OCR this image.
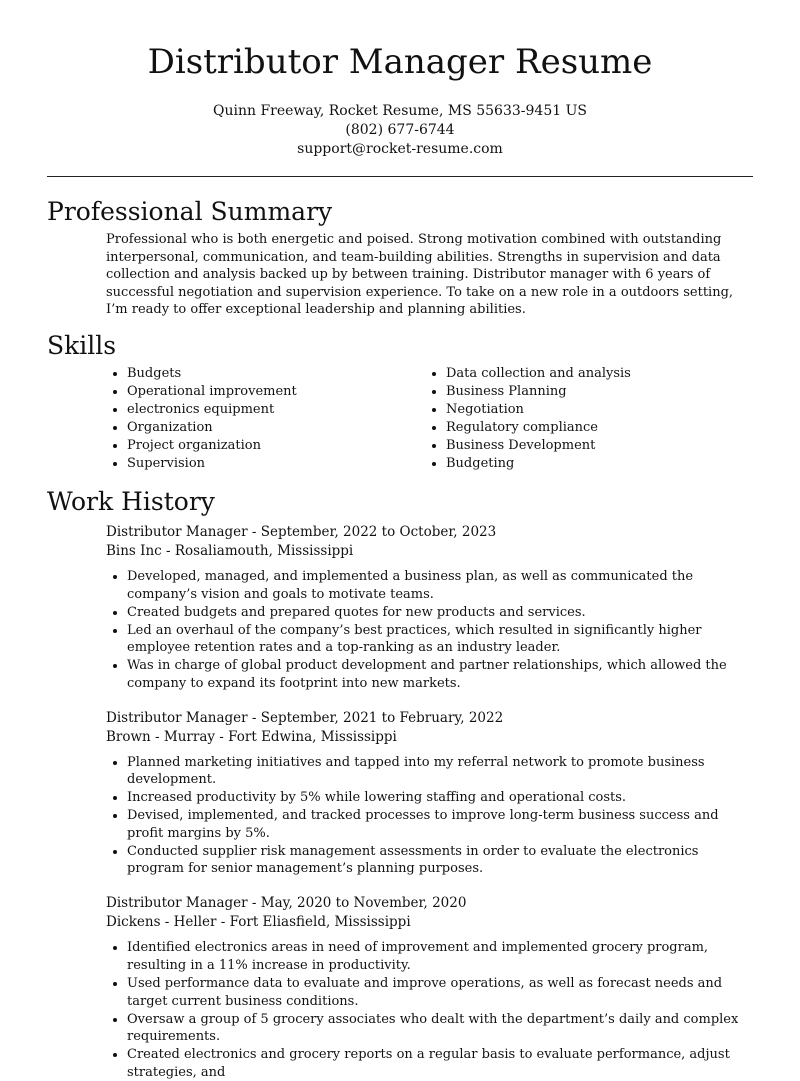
Distributor Manager Resume
Quinn Freeway, Rocket Resume, MS 55633-9451 US
(802) 677-6744
support@rocket-resume.com
Professional Summary

Professional who is both energetic and poised. Strong motivation combined with outstanding interpersonal, communication, and team-building abilities. Strengths in supervision and data collection and analysis backed up by between training. Distributor manager with 6 years of successful negotiation and supervision experience. To take on a new role in a outdoors setting, I’m ready to offer exceptional leadership and planning abilities.

Skills
• Budgets
• Operational improvement
• electronics equipment
• Organization
• Project organization
• Supervision
• Data collection and analysis
• Business Planning
• Negotiation
• Regulatory compliance
• Business Development
• Budgeting
Work History
Distributor Manager - September, 2022 to October, 2023
Bins Inc - Rosaliamouth, Mississippi
• Developed, managed, and implemented a business plan, as well as communicated the company’s vision and goals to motivate teams.
• Created budgets and prepared quotes for new products and services.
• Led an overhaul of the company’s best practices, which resulted in significantly higher employee retention rates and a top-ranking as an industry leader.
• Was in charge of global product development and partner relationships, which allowed the company to expand its footprint into new markets.
Distributor Manager - September, 2021 to February, 2022
Brown - Murray - Fort Edwina, Mississippi
• Planned marketing initiatives and tapped into my referral network to promote business development.
• Increased productivity by 5% while lowering staffing and operational costs.
• Devised, implemented, and tracked processes to improve long-term business success and profit margins by 5%.
• Conducted supplier risk management assessments in order to evaluate the electronics program for senior management’s planning purposes.
Distributor Manager - May, 2020 to November, 2020
Dickens - Heller - Fort Eliasfield, Mississippi
• Identified electronics areas in need of improvement and implemented grocery program, resulting in a 11% increase in productivity.
• Used performance data to evaluate and improve operations, as well as forecast needs and target current business conditions.
• Oversaw a group of 5 grocery associates who dealt with the department’s daily and complex requirements.
• Created electronics and grocery reports on a regular basis to evaluate performance, adjust strategies, and
